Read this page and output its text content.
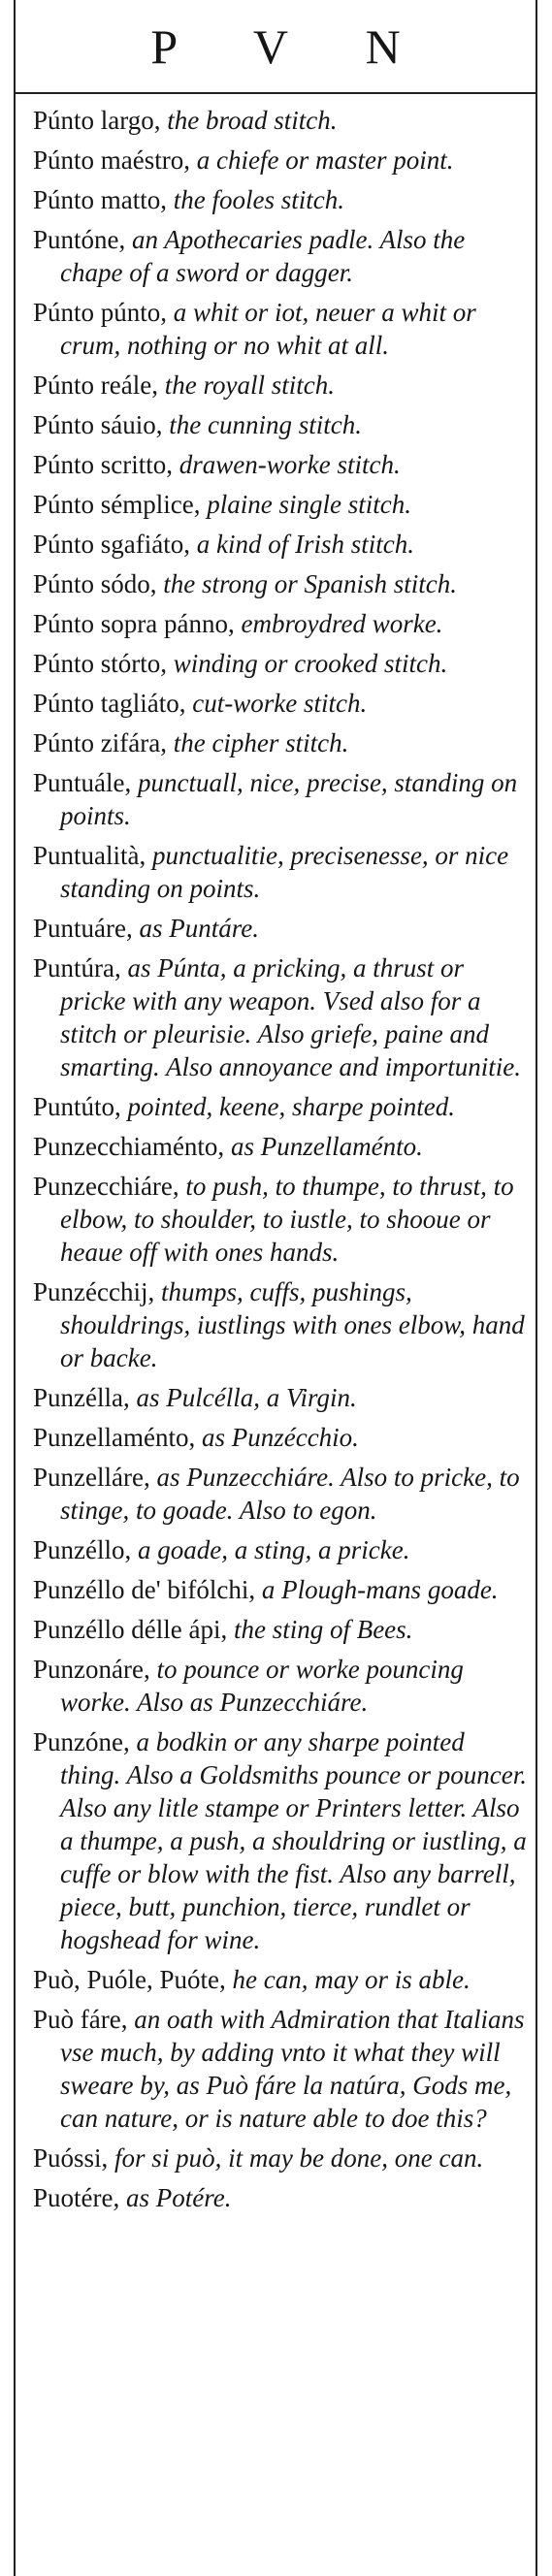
P V N
Púnto largo, the broad stitch.
Púnto maéstro, a chiefe or master point.
Púnto matto, the fooles stitch.
Puntóne, an Apothecaries padle. Also the chape of a sword or dagger.
Púnto púnto, a whit or iot, neuer a whit or crum, nothing or no whit at all.
Púnto reále, the royall stitch.
Púnto sáuio, the cunning stitch.
Púnto scritto, drawen-worke stitch.
Púnto sémplice, plaine single stitch.
Púnto sgafiáto, a kind of Irish stitch.
Púnto sódo, the strong or Spanish stitch.
Púnto sopra pánno, embroydred worke.
Púnto stórto, winding or crooked stitch.
Púnto tagliáto, cut-worke stitch.
Púnto zifára, the cipher stitch.
Puntuále, punctuall, nice, precise, standing on points.
Puntualità, punctualitie, precisenesse, or nice standing on points.
Puntuáre, as Puntáre.
Puntúra, as Púnta, a pricking, a thrust or pricke with any weapon. Vsed also for a stitch or pleurisie. Also griefe, paine and smarting. Also annoyance and importunitie.
Puntúto, pointed, keene, sharpe pointed.
Punzecchiaménto, as Punzellaménto.
Punzecchiáre, to push, to thumpe, to thrust, to elbow, to shoulder, to iustle, to shooue or heaue off with ones hands.
Punzécchij, thumps, cuffs, pushings, shouldrings, iustlings with ones elbow, hand or backe.
Punzélla, as Pulcélla, a Virgin.
Punzellaménto, as Punzécchio.
Punzelláre, as Punzecchiáre. Also to pricke, to stinge, to goade. Also to egon.
Punzéllo, a goade, a sting, a pricke.
Punzéllo de' bifólchi, a Plough-mans goade.
Punzéllo délle ápi, the sting of Bees.
Punzonáre, to pounce or worke pouncing worke. Also as Punzecchiáre.
Punzóne, a bodkin or any sharpe pointed thing. Also a Goldsmiths pounce or pouncer. Also any litle stampe or Printers letter. Also a thumpe, a push, a shouldring or iustling, a cuffe or blow with the fist. Also any barrell, piece, butt, punchion, tierce, rundlet or hogshead for wine.
Può, Puóle, Puóte, he can, may or is able.
Può fáre, an oath with Admiration that Italians vse much, by adding vnto it what they will sweare by, as Può fáre la natúra, Gods me, can nature, or is nature able to doe this?
Puóssi, for si può, it may be done, one can.
Puotére, as Potére.
